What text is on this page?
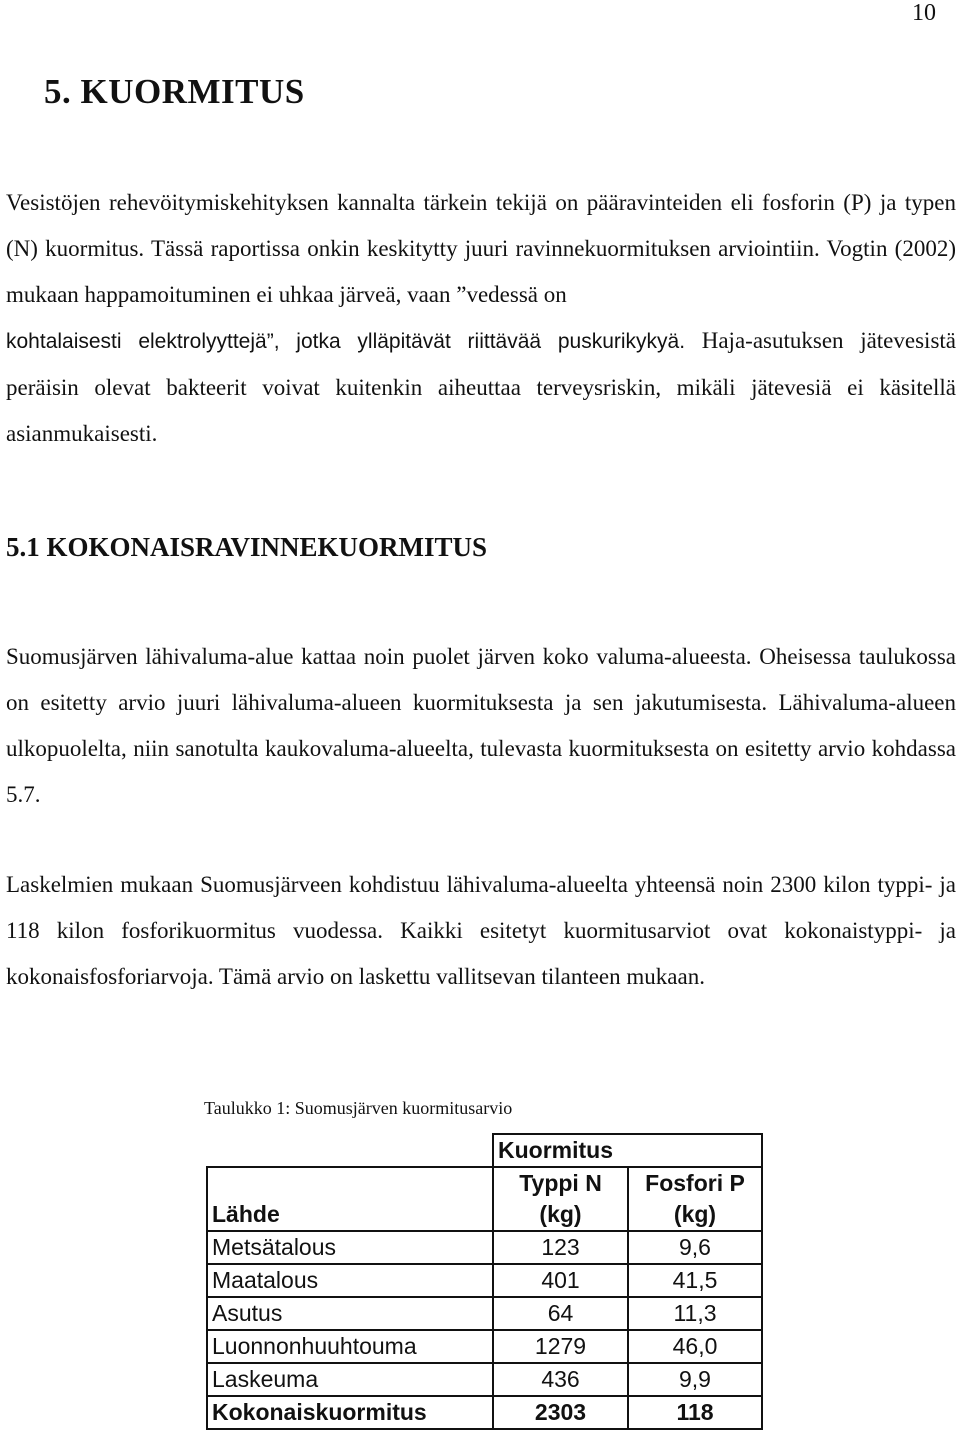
10
5. KUORMITUS

Vesistöjen rehevöitymiskehityksen kannalta tärkein tekijä on pääravinteiden eli fosforin (P) ja typen (N) kuormitus. Tässä raportissa onkin keskitytty juuri ravinnekuormituksen arviointiin. Vogtin (2002) mukaan happamoituminen ei uhkaa järveä, vaan ”vedessä on
kohtalaisesti elektrolyyttejä”, jotka ylläpitävät riittävää puskurikykyä. Haja-asutuksen jätevesistä peräisin olevat bakteerit voivat kuitenkin aiheuttaa terveysriskin, mikäli jätevesiä ei käsitellä asianmukaisesti.

5.1 KOKONAISRAVINNEKUORMITUS

Suomusjärven lähivaluma-alue kattaa noin puolet järven koko valuma-alueesta. Oheisessa taulukossa on esitetty arvio juuri lähivaluma-alueen kuormituksesta ja sen jakutumisesta. Lähivaluma-alueen ulkopuolelta, niin sanotulta kaukovaluma-alueelta, tulevasta kuormituksesta on esitetty arvio kohdassa 5.7.

Laskelmien mukaan Suomusjärveen kohdistuu lähivaluma-alueelta yhteensä noin 2300 kilon typpi- ja 118 kilon fosforikuormitus vuodessa. Kaikki esitetyt kuormitusarviot ovat kokonaistyppi- ja kokonaisfosforiarvoja. Tämä arvio on laskettu vallitsevan tilanteen mukaan.

Taulukko 1: Suomusjärven kuormitusarvio

	Kuormitus	
Lähde	Typpi N (kg)	Fosfori P (kg)
Metsätalous	123	9,6
Maatalous	401	41,5
Asutus	64	11,3
Luonnonhuuhtouma	1279	46,0
Laskeuma	436	9,9
Kokonaiskuormitus	2303	118
